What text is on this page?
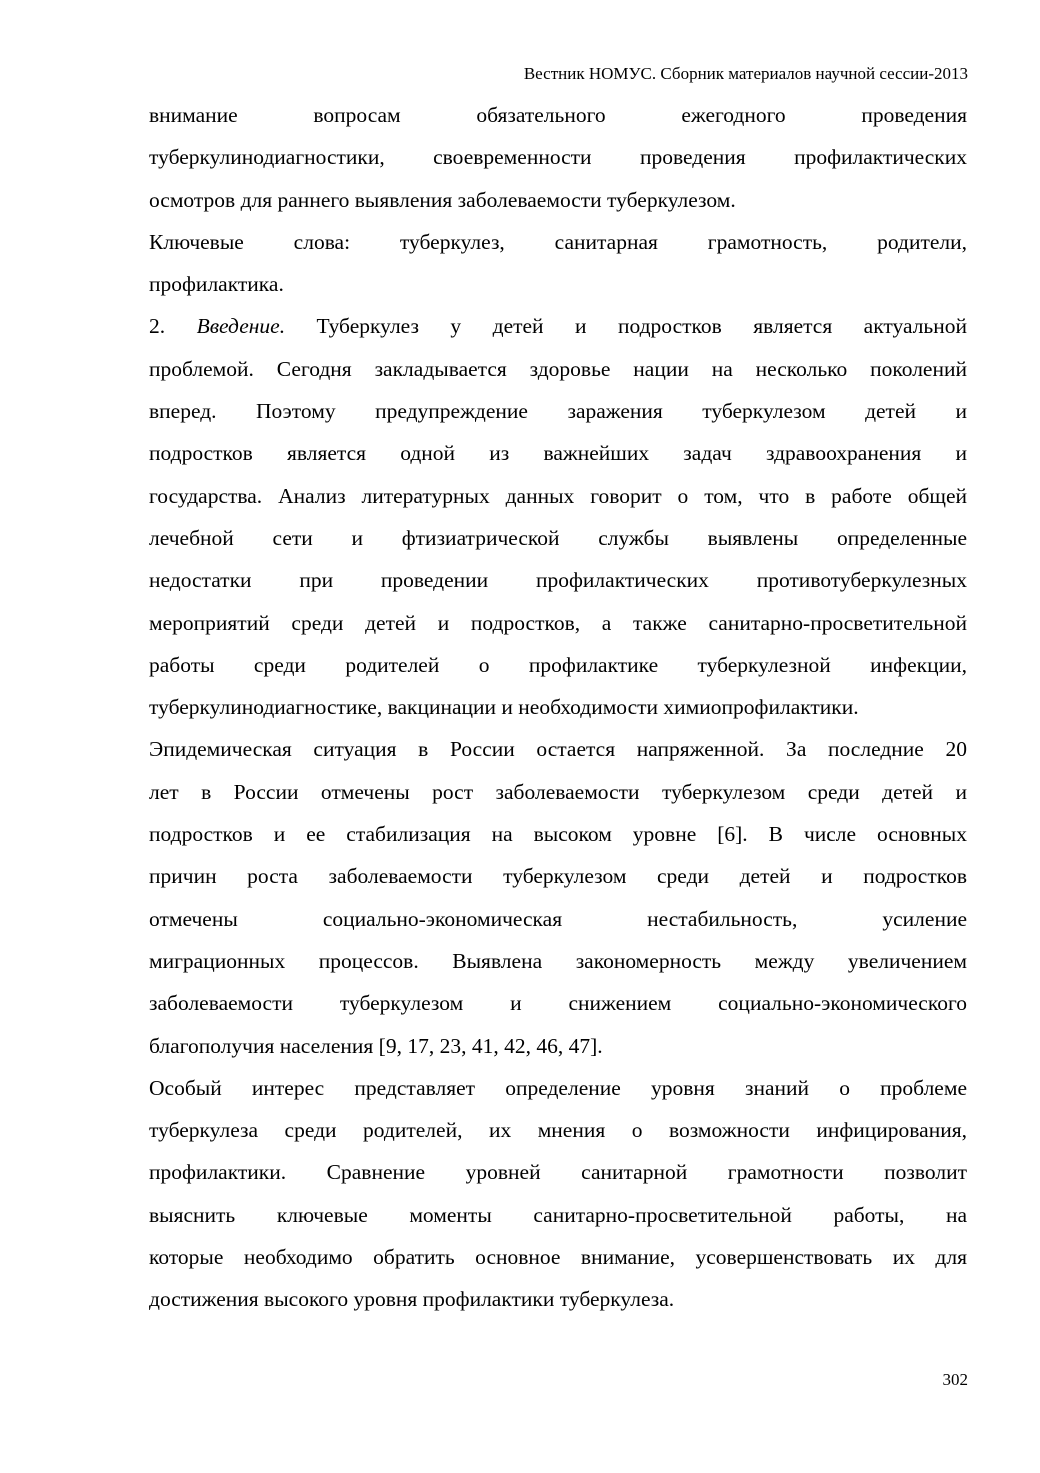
Вестник НОМУС. Сборник материалов научной сессии-2013

внимание вопросам обязательного ежегодного проведения
туберкулинодиагностики, своевременности проведения профилактических
осмотров для раннего выявления заболеваемости туберкулезом.

Ключевые слова: туберкулез, санитарная грамотность, родители,
профилактика.

2. Введение. Туберкулез у детей и подростков является актуальной
проблемой. Сегодня закладывается здоровье нации на несколько поколений
вперед. Поэтому предупреждение заражения туберкулезом детей и
подростков является одной из важнейших задач здравоохранения и
государства. Анализ литературных данных говорит о том, что в работе общей
лечебной сети и фтизиатрической службы выявлены определенные
недостатки при проведении профилактических противотуберкулезных
мероприятий среди детей и подростков, а также санитарно-просветительной
работы среди родителей о профилактике туберкулезной инфекции,
туберкулинодиагностике, вакцинации и необходимости химиопрофилактики.

Эпидемическая ситуация в России остается напряженной. За последние 20
лет в России отмечены рост заболеваемости туберкулезом среди детей и
подростков и ее стабилизация на высоком уровне [6]. В числе основных
причин роста заболеваемости туберкулезом среди детей и подростков
отмечены социально-экономическая нестабильность, усиление
миграционных процессов. Выявлена закономерность между увеличением
заболеваемости туберкулезом и снижением социально-экономического
благополучия населения [9, 17, 23, 41, 42, 46, 47].

Особый интерес представляет определение уровня знаний о проблеме
туберкулеза среди родителей, их мнения о возможности инфицирования,
профилактики. Сравнение уровней санитарной грамотности позволит
выяснить ключевые моменты санитарно-просветительной работы, на
которые необходимо обратить основное внимание, усовершенствовать их для
достижения высокого уровня профилактики туберкулеза.

302
